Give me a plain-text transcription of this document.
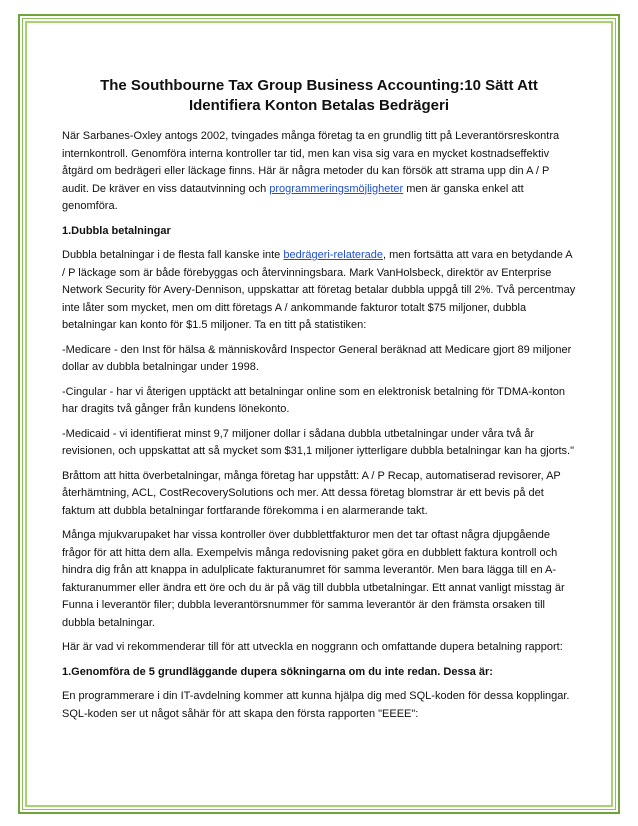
The Southbourne Tax Group Business Accounting:10 Sätt Att
Identifiera Konton Betalas Bedrägeri

När Sarbanes-Oxley antogs 2002, tvingades många företag ta en grundlig titt på Leverantörsreskontra internkontroll. Genomföra interna kontroller tar tid, men kan visa sig vara en mycket kostnadseffektiv åtgärd om bedrägeri eller läckage finns. Här är några metoder du kan försök att strama upp din A / P audit. De kräver en viss datautvinning och programmeringsmöjligheter men är ganska enkel att genomföra.

1.Dubbla betalningar

Dubbla betalningar i de flesta fall kanske inte bedrägeri-relaterade, men fortsätta att vara en betydande A / P läckage som är både förebyggas och återvinningsbara. Mark VanHolsbeck, direktör av Enterprise Network Security för Avery-Dennison, uppskattar att företag betalar dubbla uppgå till 2%. Två percentmay inte låter som mycket, men om ditt företags A / ankommande fakturor totalt $75 miljoner, dubbla betalningar kan konto för $1.5 miljoner. Ta en titt på statistiken:

-Medicare - den Inst för hälsa & människovård Inspector General beräknad att Medicare gjort 89 miljoner dollar av dubbla betalningar under 1998.

-Cingular - har vi återigen upptäckt att betalningar online som en elektronisk betalning för TDMA-konton har dragits två gånger från kundens lönekonto.

-Medicaid - vi identifierat minst 9,7 miljoner dollar i sådana dubbla utbetalningar under våra två år revisionen, och uppskattat att så mycket som $31,1 miljoner iytterligare dubbla betalningar kan ha gjorts."

Bråttom att hitta överbetalningar, många företag har uppstått: A / P Recap, automatiserad revisorer, AP återhämtning, ACL, CostRecoverySolutions och mer. Att dessa företag blomstrar är ett bevis på det faktum att dubbla betalningar fortfarande förekomma i en alarmerande takt.

Många mjukvarupaket har vissa kontroller över dubblettfakturor men det tar oftast några djupgående frågor för att hitta dem alla. Exempelvis många redovisning paket göra en dubblett faktura kontroll och hindra dig från att knappa in adulplicate fakturanumret för samma leverantör. Men bara lägga till en A-fakturanummer eller ändra ett öre och du är på väg till dubbla utbetalningar. Ett annat vanligt misstag är Funna i leverantör filer; dubbla leverantörsnummer för samma leverantör är den främsta orsaken till dubbla betalningar.

Här är vad vi rekommenderar till för att utveckla en noggrann och omfattande dupera betalning rapport:

1.Genomföra de 5 grundläggande dupera sökningarna om du inte redan. Dessa är:

En programmerare i din IT-avdelning kommer att kunna hjälpa dig med SQL-koden för dessa kopplingar. SQL-koden ser ut något såhär för att skapa den första rapporten "EEEE":
